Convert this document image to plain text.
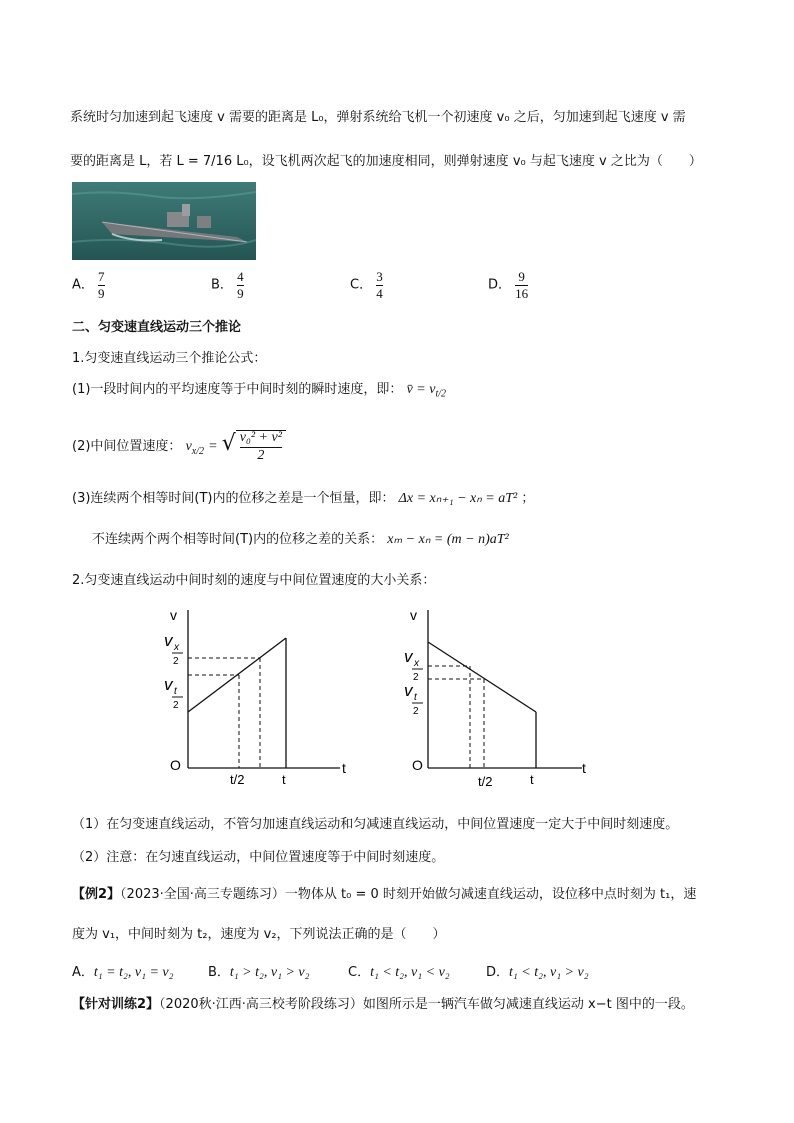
系统时匀加速到起飞速度 v 需要的距离是 L₀，弹射系统给飞机一个初速度 v₀ 之后，匀加速到起飞速度 v 需
要的距离是 L，若 L = 7/16 L₀，设飞机两次起飞的加速度相同，则弹射速度 v₀ 与起飞速度 v 之比为（　　）
A． $\frac{7}{9}$	B． $\frac{4}{9}$	C． $\frac{3}{4}$	D． $\frac{9}{16}$
二、匀变速直线运动三个推论
1.匀变速直线运动三个推论公式：
(1)一段时间内的平均速度等于中间时刻的瞬时速度，即： v̄ = $v_{t/2}$
(2)中间位置速度： $v_{x/2}$ = √ $\frac{\text{v₀² + v²}}{2}$
(3)连续两个相等时间(T)内的位移之差是一个恒量，即： Δx = xₙ₊₁ − xₙ = aT² ；
不连续两个两个相等时间(T)内的位移之差的关系： xₘ − xₙ = (m − n)aT²
2.匀变速直线运动中间时刻的速度与中间位置速度的大小关系：
v
t
O
t/2	t
v x
2
v t
2
v
t
O
t/2	t
v x
2
v t
2
（1）在匀变速直线运动，不管匀加速直线运动和匀减速直线运动，中间位置速度一定大于中间时刻速度。
（2）注意：在匀速直线运动，中间位置速度等于中间时刻速度。
【例2】（2023·全国·高三专题练习）一物体从 t₀ = 0 时刻开始做匀减速直线运动，设位移中点时刻为 t₁，速
度为 v₁，中间时刻为 t₂，速度为 v₂，下列说法正确的是（　　）
A．t₁ = t₂, v₁ = v₂	B．t₁ > t₂, v₁ > v₂	C．t₁ < t₂, v₁ < v₂	D．t₁ < t₂, v₁ > v₂
【针对训练2】（2020秋·江西·高三校考阶段练习）如图所示是一辆汽车做匀减速直线运动 x−t 图中的一段。
